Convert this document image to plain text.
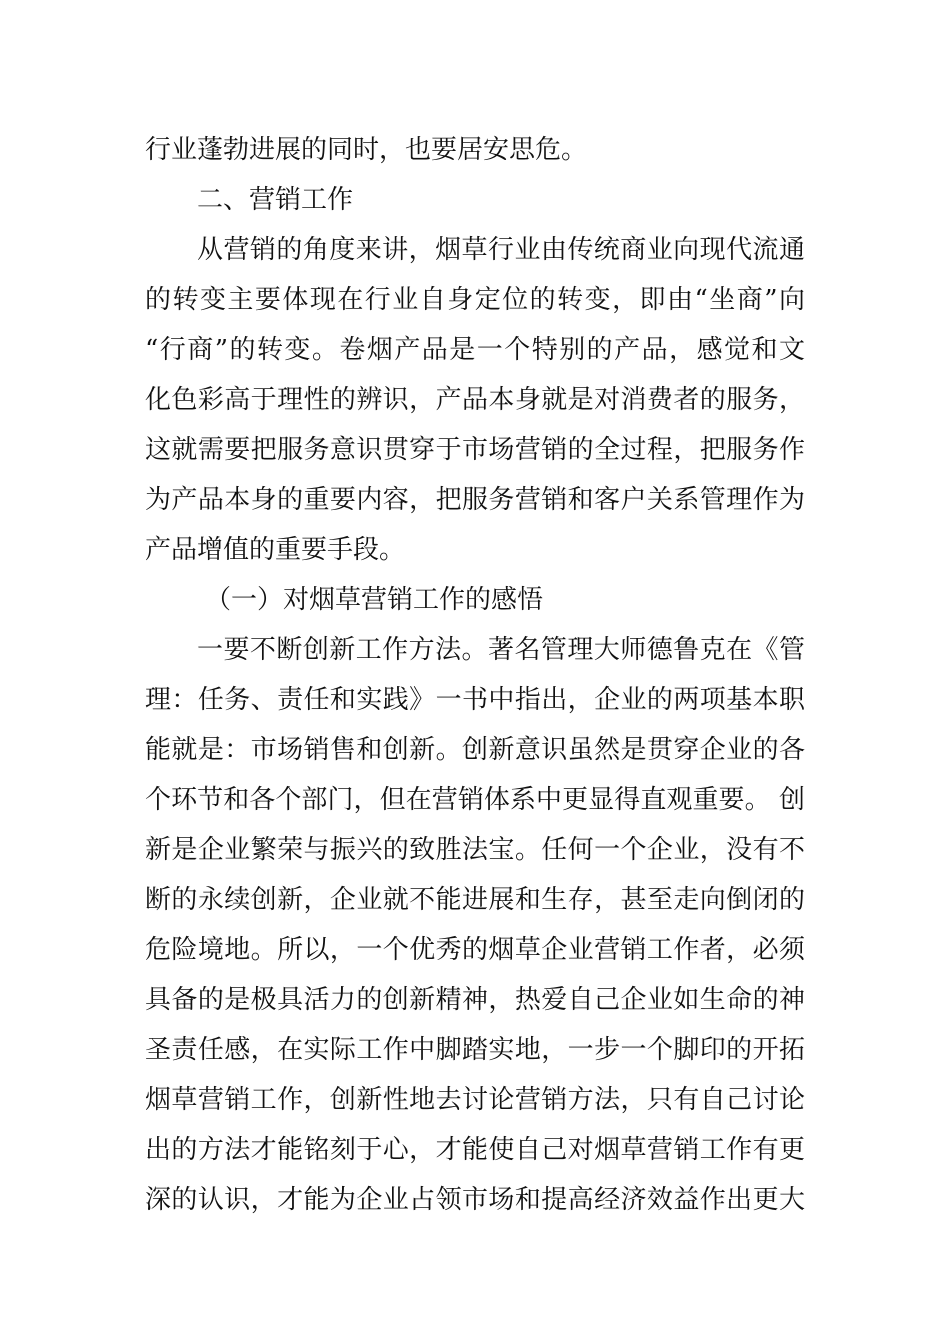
行业蓬勃进展的同时，也要居安思危。
二、营销工作
从营销的角度来讲，烟草行业由传统商业向现代流通
的转变主要体现在行业自身定位的转变，即由“坐商”向
“行商”的转变。卷烟产品是一个特别的产品，感觉和文
化色彩高于理性的辨识，产品本身就是对消费者的服务，
这就需要把服务意识贯穿于市场营销的全过程，把服务作
为产品本身的重要内容，把服务营销和客户关系管理作为
产品增值的重要手段。
（一）对烟草营销工作的感悟
一要不断创新工作方法。著名管理大师德鲁克在《管
理：任务、责任和实践》一书中指出，企业的两项基本职
能就是：市场销售和创新。创新意识虽然是贯穿企业的各
个环节和各个部门，但在营销体系中更显得直观重要。 创
新是企业繁荣与振兴的致胜法宝。任何一个企业，没有不
断的永续创新，企业就不能进展和生存，甚至走向倒闭的
危险境地。所以，一个优秀的烟草企业营销工作者，必须
具备的是极具活力的创新精神，热爱自己企业如生命的神
圣责任感，在实际工作中脚踏实地，一步一个脚印的开拓
烟草营销工作，创新性地去讨论营销方法，只有自己讨论
出的方法才能铭刻于心，才能使自己对烟草营销工作有更
深的认识，才能为企业占领市场和提高经济效益作出更大
